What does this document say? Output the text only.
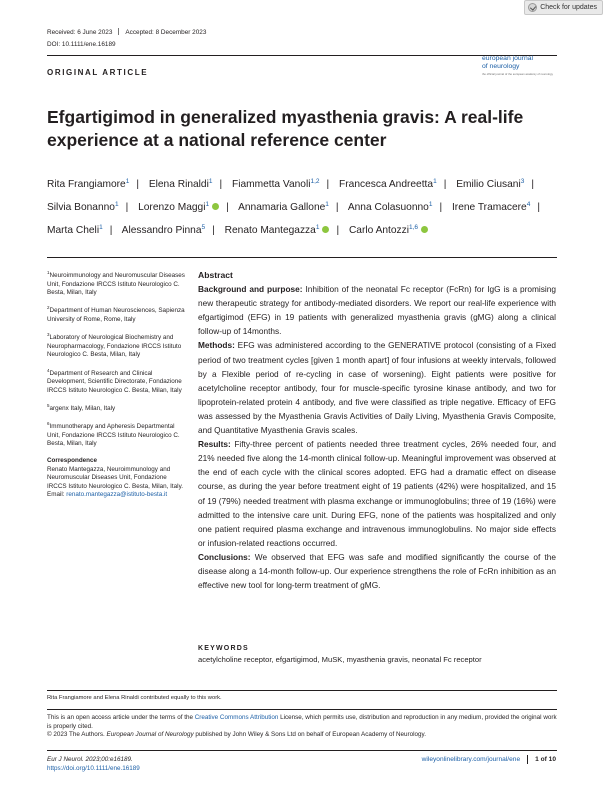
Check for updates
Received: 6 June 2023 Accepted: 8 December 2023
DOI: 10.1111/ene.16189
ORIGINAL ARTICLE
european journal
of neurology
the official journal of the european academy of neurology
Efgartigimod in generalized myasthenia gravis: A real-life experience at a national reference center
Rita Frangiamore$^1$ | Elena Rinaldi$^1$ | Fiammetta Vanoli$^{1,2}$ | Francesca Andreetta$^1$ | Emilio Ciusani$^3$ | Silvia Bonanno$^1$ | Lorenzo Maggi$^1$ | Annamaria Gallone$^1$ | Anna Colasuonno$^1$ | Irene Tramacere$^4$ | Marta Cheli$^1$ | Alessandro Pinna$^5$ | Renato Mantegazza$^1$ | Carlo Antozzi$^{1,6}$

$^1$Neuroimmunology and Neuromuscular Diseases Unit, Fondazione IRCCS Istituto Neurologico C. Besta, Milan, Italy

$^2$Department of Human Neurosciences, Sapienza University of Rome, Rome, Italy

$^3$Laboratory of Neurological Biochemistry and Neuropharmacology, Fondazione IRCCS Istituto Neurologico C. Besta, Milan, Italy

$^4$Department of Research and Clinical Development, Scientific Directorate, Fondazione IRCCS Istituto Neurologico C. Besta, Milan, Italy

$^5$argenx Italy, Milan, Italy

$^6$Immunotherapy and Apheresis Departmental Unit, Fondazione IRCCS Istituto Neurologico C. Besta, Milan, Italy

Correspondence
Renato Mantegazza, Neuroimmunology and Neuromuscular Diseases Unit, Fondazione IRCCS Istituto Neurologico C. Besta, Milan, Italy.
Email: renato.mantegazza@istituto-besta.it
Abstract

Background and purpose: Inhibition of the neonatal Fc receptor (FcRn) for IgG is a promising new therapeutic strategy for antibody-mediated disorders. We report our real-life experience with efgartigimod (EFG) in 19 patients with generalized myasthenia gravis (gMG) along a clinical follow-up of 14months.

Methods: EFG was administered according to the GENERATIVE protocol (consisting of a Fixed period of two treatment cycles [given 1 month apart] of four infusions at weekly intervals, followed by a Flexible period of re-cycling in case of worsening). Eight patients were positive for acetylcholine receptor antibody, four for muscle-specific tyrosine kinase antibody, and two for lipoprotein-related protein 4 antibody, and five were classified as triple negative. Efficacy of EFG was assessed by the Myasthenia Gravis Activities of Daily Living, Myasthenia Gravis Composite, and Quantitative Myasthenia Gravis scales.

Results: Fifty-three percent of patients needed three treatment cycles, 26% needed four, and 21% needed five along the 14-month clinical follow-up. Meaningful improvement was observed at the end of each cycle with the clinical scores adopted. EFG had a dramatic effect on disease course, as during the year before treatment eight of 19 patients (42%) were hospitalized, and 15 of 19 (79%) needed treatment with plasma exchange or immunoglobulins; three of 19 (16%) were admitted to the intensive care unit. During EFG, none of the patients was hospitalized and only one patient required plasma exchange and intravenous immunoglobulins. No major side effects or infusion-related reactions occurred.

Conclusions: We observed that EFG was safe and modified significantly the course of the disease along a 14-month follow-up. Our experience strengthens the role of FcRn inhibition as an effective new tool for long-term treatment of gMG.

KEYWORDS
acetylcholine receptor, efgartigimod, MuSK, myasthenia gravis, neonatal Fc receptor
Rita Frangiamore and Elena Rinaldi contributed equally to this work.
This is an open access article under the terms of the Creative Commons Attribution License, which permits use, distribution and reproduction in any medium, provided the original work is properly cited.
© 2023 The Authors. European Journal of Neurology published by John Wiley & Sons Ltd on behalf of European Academy of Neurology.
Eur J Neurol. 2023;00:e16189.
https://doi.org/10.1111/ene.16189
wileyonlinelibrary.com/journal/ene 1 of 10
